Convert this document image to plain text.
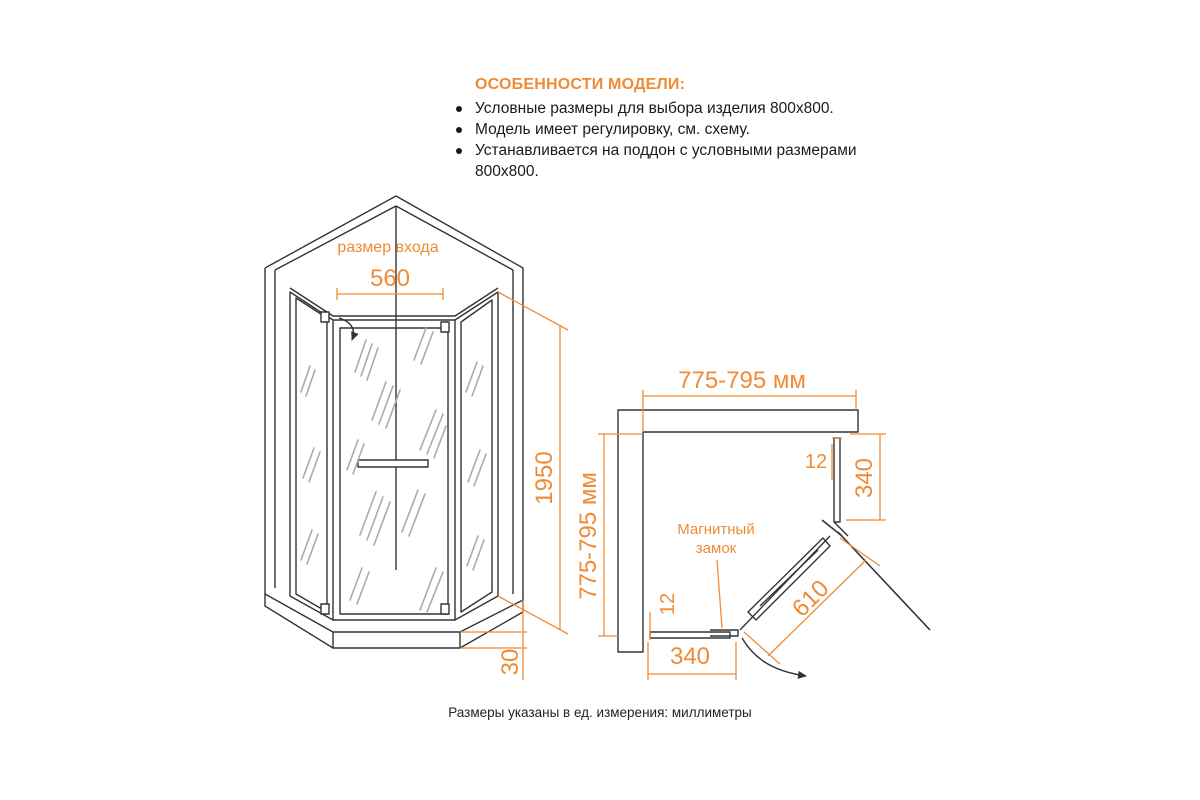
ОСОБЕННОСТИ МОДЕЛИ:
Условные размеры для выбора изделия 800х800.
Модель имеет регулировку, см. схему.
Устанавливается на поддон с условными размерами
800х800.
размер входа
560
1950
30
775-795 мм
775-795 мм
12 340
12
340
610
Магнитный
замок
Размеры указаны в ед. измерения: миллиметры
